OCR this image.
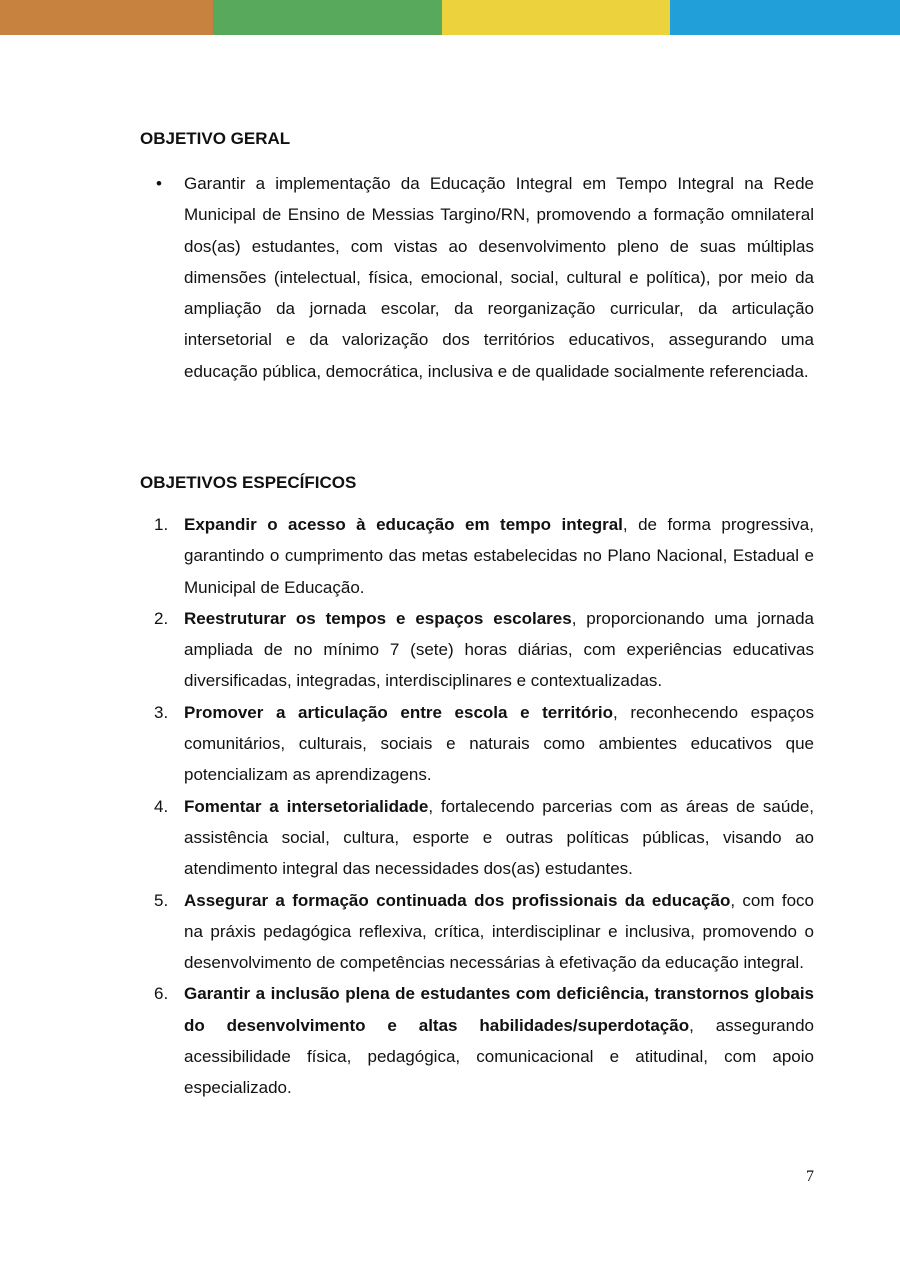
OBJETIVO GERAL
•	Garantir a implementação da Educação Integral em Tempo Integral na Rede Municipal de Ensino de Messias Targino/RN, promovendo a formação omnilateral dos(as) estudantes, com vistas ao desenvolvimento pleno de suas múltiplas dimensões (intelectual, física, emocional, social, cultural e política), por meio da ampliação da jornada escolar, da reorganização curricular, da articulação intersetorial e da valorização dos territórios educativos, assegurando uma educação pública, democrática, inclusiva e de qualidade socialmente referenciada.
OBJETIVOS ESPECÍFICOS
1. Expandir o acesso à educação em tempo integral, de forma progressiva, garantindo o cumprimento das metas estabelecidas no Plano Nacional, Estadual e Municipal de Educação.
2. Reestruturar os tempos e espaços escolares, proporcionando uma jornada ampliada de no mínimo 7 (sete) horas diárias, com experiências educativas diversificadas, integradas, interdisciplinares e contextualizadas.
3. Promover a articulação entre escola e território, reconhecendo espaços comunitários, culturais, sociais e naturais como ambientes educativos que potencializam as aprendizagens.
4. Fomentar a intersetorialidade, fortalecendo parcerias com as áreas de saúde, assistência social, cultura, esporte e outras políticas públicas, visando ao atendimento integral das necessidades dos(as) estudantes.
5. Assegurar a formação continuada dos profissionais da educação, com foco na práxis pedagógica reflexiva, crítica, interdisciplinar e inclusiva, promovendo o desenvolvimento de competências necessárias à efetivação da educação integral.
6. Garantir a inclusão plena de estudantes com deficiência, transtornos globais do desenvolvimento e altas habilidades/superdotação, assegurando acessibilidade física, pedagógica, comunicacional e atitudinal, com apoio especializado.
7
